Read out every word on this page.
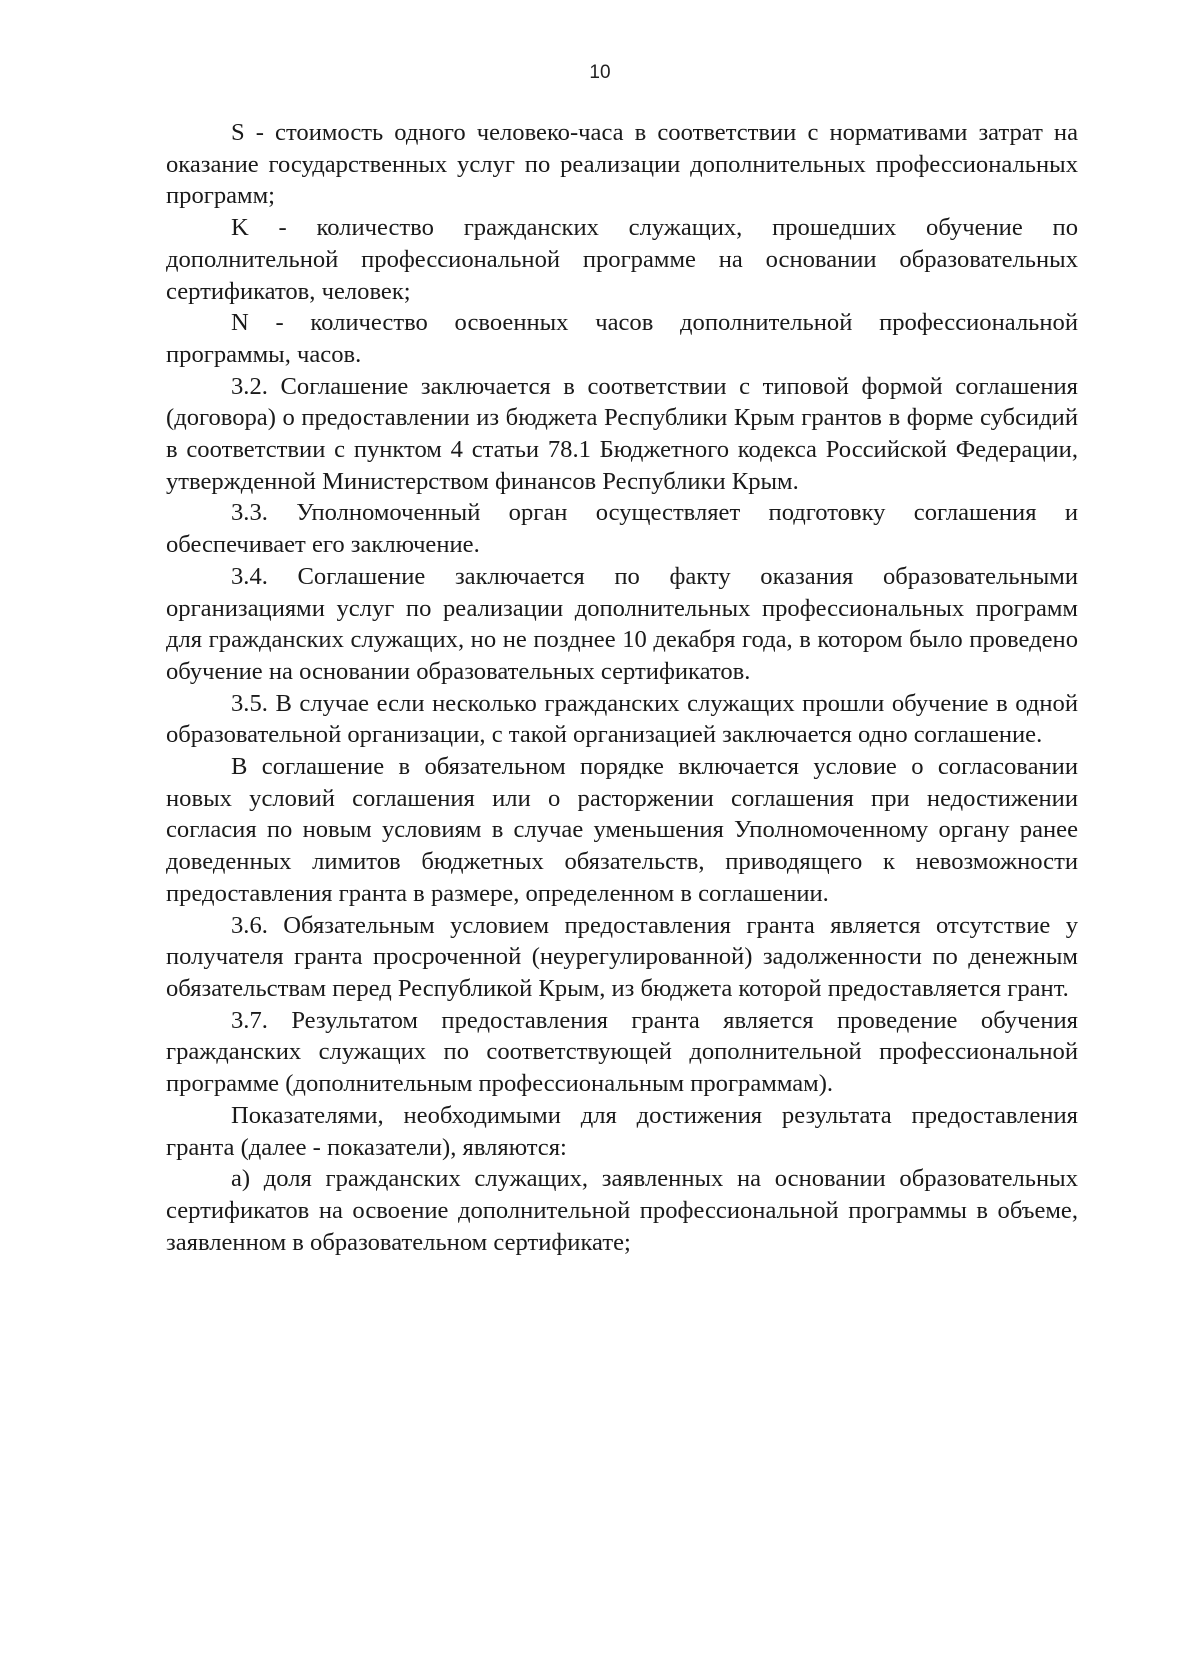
10

S - стоимость одного человеко-часа в соответствии с нормативами затрат на оказание государственных услуг по реализации дополнительных профессиональных программ;

K - количество гражданских служащих, прошедших обучение по дополнительной профессиональной программе на основании образовательных сертификатов, человек;

N - количество освоенных часов дополнительной профессиональной программы, часов.

3.2. Соглашение заключается в соответствии с типовой формой соглашения (договора) о предоставлении из бюджета Республики Крым грантов в форме субсидий в соответствии с пунктом 4 статьи 78.1 Бюджетного кодекса Российской Федерации, утвержденной Министерством финансов Республики Крым.

3.3. Уполномоченный орган осуществляет подготовку соглашения и обеспечивает его заключение.

3.4. Соглашение заключается по факту оказания образовательными организациями услуг по реализации дополнительных профессиональных программ для гражданских служащих, но не позднее 10 декабря года, в котором было проведено обучение на основании образовательных сертификатов.

3.5. В случае если несколько гражданских служащих прошли обучение в одной образовательной организации, с такой организацией заключается одно соглашение.

В соглашение в обязательном порядке включается условие о согласовании новых условий соглашения или о расторжении соглашения при недостижении согласия по новым условиям в случае уменьшения Уполномоченному органу ранее доведенных лимитов бюджетных обязательств, приводящего к невозможности предоставления гранта в размере, определенном в соглашении.

3.6. Обязательным условием предоставления гранта является отсутствие у получателя гранта просроченной (неурегулированной) задолженности по денежным обязательствам перед Республикой Крым, из бюджета которой предоставляется грант.

3.7. Результатом предоставления гранта является проведение обучения гражданских служащих по соответствующей дополнительной профессиональной программе (дополнительным профессиональным программам).

Показателями, необходимыми для достижения результата предоставления гранта (далее - показатели), являются:

а) доля гражданских служащих, заявленных на основании образовательных сертификатов на освоение дополнительной профессиональной программы в объеме, заявленном в образовательном сертификате;
